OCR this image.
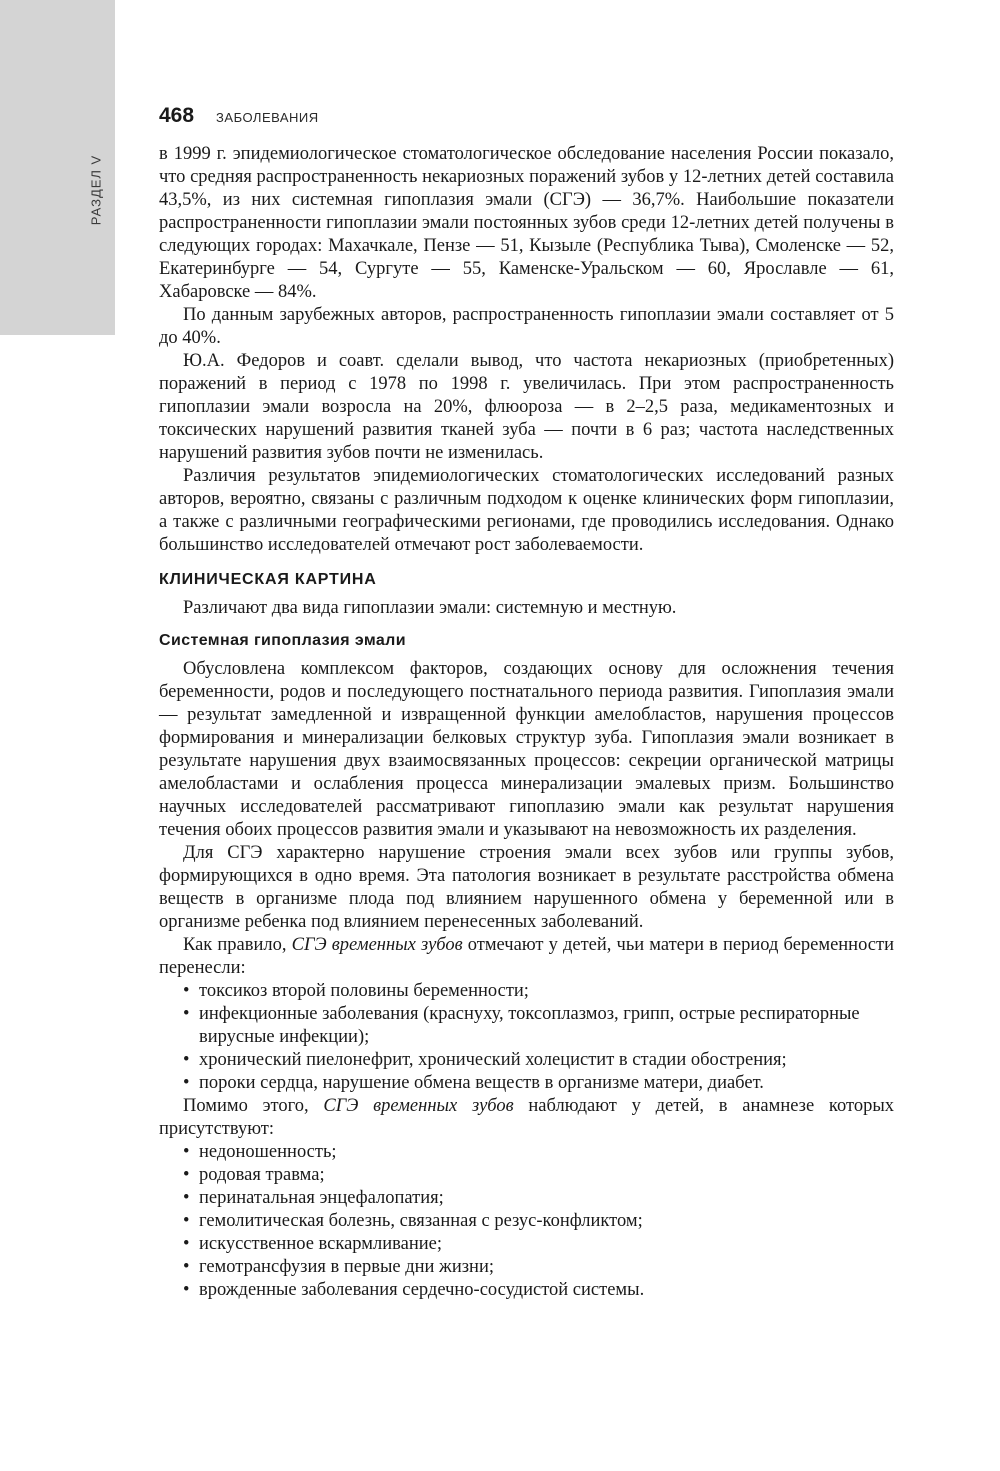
РАЗДЕЛ V
468 ЗАБОЛЕВАНИЯ

в 1999 г. эпидемиологическое стоматологическое обследование населения России показало, что средняя распространенность некариозных поражений зубов у 12-летних детей составила 43,5%, из них системная гипоплазия эмали (СГЭ) — 36,7%. Наибольшие показатели распространенности гипоплазии эмали постоянных зубов среди 12-летних детей получены в следующих городах: Махачкале, Пензе — 51, Кызыле (Республика Тыва), Смоленске — 52, Екатеринбурге — 54, Сургуте — 55, Каменске-Уральском — 60, Ярославле — 61, Хабаровске — 84%.

По данным зарубежных авторов, распространенность гипоплазии эмали составляет от 5 до 40%.

Ю.А. Федоров и соавт. сделали вывод, что частота некариозных (приобретенных) поражений в период с 1978 по 1998 г. увеличилась. При этом распространенность гипоплазии эмали возросла на 20%, флюороза — в 2–2,5 раза, медикаментозных и токсических нарушений развития тканей зуба — почти в 6 раз; частота наследственных нарушений развития зубов почти не изменилась.

Различия результатов эпидемиологических стоматологических исследований разных авторов, вероятно, связаны с различным подходом к оценке клинических форм гипоплазии, а также с различными географическими регионами, где проводились исследования. Однако большинство исследователей отмечают рост заболеваемости.

КЛИНИЧЕСКАЯ КАРТИНА

Различают два вида гипоплазии эмали: системную и местную.

Системная гипоплазия эмали

Обусловлена комплексом факторов, создающих основу для осложнения течения беременности, родов и последующего постнатального периода развития. Гипоплазия эмали — результат замедленной и извращенной функции амелобластов, нарушения процессов формирования и минерализации белковых структур зуба. Гипоплазия эмали возникает в результате нарушения двух взаимосвязанных процессов: секреции органической матрицы амелобластами и ослабления процесса минерализации эмалевых призм. Большинство научных исследователей рассматривают гипоплазию эмали как результат нарушения течения обоих процессов развития эмали и указывают на невозможность их разделения.

Для СГЭ характерно нарушение строения эмали всех зубов или группы зубов, формирующихся в одно время. Эта патология возникает в результате расстройства обмена веществ в организме плода под влиянием нарушенного обмена у беременной или в организме ребенка под влиянием перенесенных заболеваний.

Как правило, СГЭ временных зубов отмечают у детей, чьи матери в период беременности перенесли:

• токсикоз второй половины беременности;
• инфекционные заболевания (краснуху, токсоплазмоз, грипп, острые респираторные вирусные инфекции);
• хронический пиелонефрит, хронический холецистит в стадии обострения;
• пороки сердца, нарушение обмена веществ в организме матери, диабет.

Помимо этого, СГЭ временных зубов наблюдают у детей, в анамнезе которых присутствуют:

• недоношенность;
• родовая травма;
• перинатальная энцефалопатия;
• гемолитическая болезнь, связанная с резус-конфликтом;
• искусственное вскармливание;
• гемотрансфузия в первые дни жизни;
• врожденные заболевания сердечно-сосудистой системы.
